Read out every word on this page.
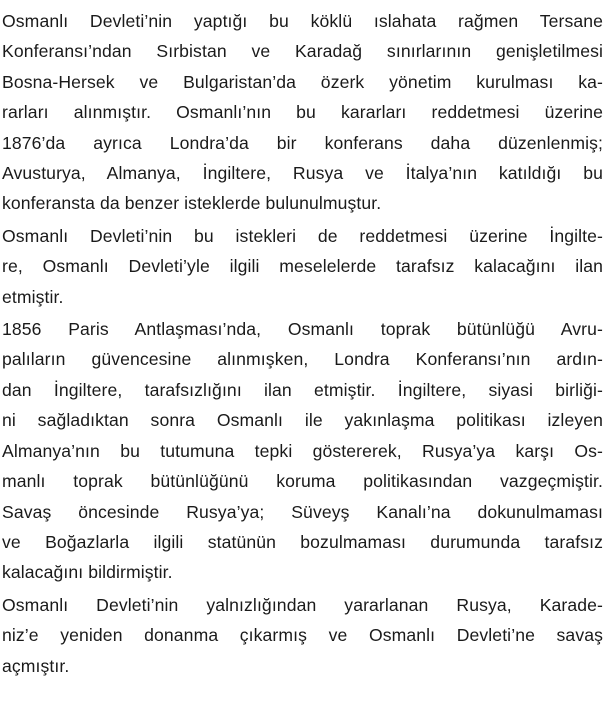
Osmanlı Devleti’nin yaptığı bu köklü ıslahata rağmen Tersane
Konferansı’ndan Sırbistan ve Karadağ sınırlarının genişletilmesi
Bosna-Hersek ve Bulgaristan’da özerk yönetim kurulması ka-
rarları alınmıştır. Osmanlı’nın bu kararları reddetmesi üzerine
1876’da ayrıca Londra’da bir konferans daha düzenlenmiş;
Avusturya, Almanya, İngiltere, Rusya ve İtalya’nın katıldığı bu
konferansta da benzer isteklerde bulunulmuştur.

Osmanlı Devleti’nin bu istekleri de reddetmesi üzerine İngilte-
re, Osmanlı Devleti’yle ilgili meselelerde tarafsız kalacağını ilan
etmiştir.

1856 Paris Antlaşması’nda, Osmanlı toprak bütünlüğü Avru-
palıların güvencesine alınmışken, Londra Konferansı’nın ardın-
dan İngiltere, tarafsızlığını ilan etmiştir. İngiltere, siyasi birliği-
ni sağladıktan sonra Osmanlı ile yakınlaşma politikası izleyen
Almanya’nın bu tutumuna tepki göstererek, Rusya’ya karşı Os-
manlı toprak bütünlüğünü koruma politikasından vazgeçmiştir.
Savaş öncesinde Rusya’ya; Süveyş Kanalı’na dokunulmaması
ve Boğazlarla ilgili statünün bozulmaması durumunda tarafsız
kalacağını bildirmiştir.

Osmanlı Devleti’nin yalnızlığından yararlanan Rusya, Karade-
niz’e yeniden donanma çıkarmış ve Osmanlı Devleti’ne savaş
açmıştır.
